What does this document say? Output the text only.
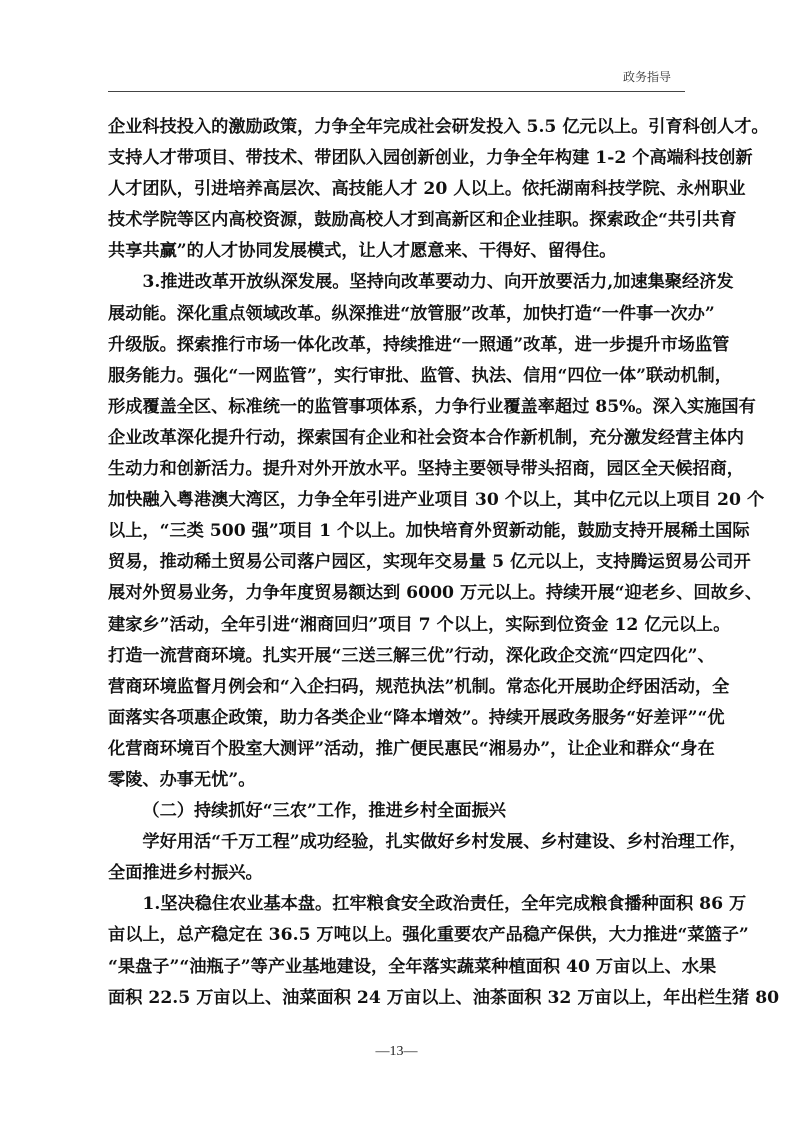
政务指导
企业科技投入的激励政策，力争全年完成社会研发投入 5.5 亿元以上。引育科创人才。
支持人才带项目、带技术、带团队入园创新创业，力争全年构建 1-2 个高端科技创新
人才团队，引进培养高层次、高技能人才 20 人以上。依托湖南科技学院、永州职业
技术学院等区内高校资源，鼓励高校人才到高新区和企业挂职。探索政企“共引共育
共享共赢”的人才协同发展模式，让人才愿意来、干得好、留得住。
3.推进改革开放纵深发展。坚持向改革要动力、向开放要活力,加速集聚经济发
展动能。深化重点领域改革。纵深推进“放管服”改革，加快打造“一件事一次办”
升级版。探索推行市场一体化改革，持续推进“一照通”改革，进一步提升市场监管
服务能力。强化“一网监管”，实行审批、监管、执法、信用“四位一体”联动机制，
形成覆盖全区、标准统一的监管事项体系，力争行业覆盖率超过 85%。深入实施国有
企业改革深化提升行动，探索国有企业和社会资本合作新机制，充分激发经营主体内
生动力和创新活力。提升对外开放水平。坚持主要领导带头招商，园区全天候招商，
加快融入粤港澳大湾区，力争全年引进产业项目 30 个以上，其中亿元以上项目 20 个
以上，“三类 500 强”项目 1 个以上。加快培育外贸新动能，鼓励支持开展稀土国际
贸易，推动稀土贸易公司落户园区，实现年交易量 5 亿元以上，支持腾运贸易公司开
展对外贸易业务，力争年度贸易额达到 6000 万元以上。持续开展“迎老乡、回故乡、
建家乡”活动，全年引进“湘商回归”项目 7 个以上，实际到位资金 12 亿元以上。
打造一流营商环境。扎实开展“三送三解三优”行动，深化政企交流“四定四化”、
营商环境监督月例会和“入企扫码，规范执法”机制。常态化开展助企纾困活动，全
面落实各项惠企政策，助力各类企业“降本增效”。持续开展政务服务“好差评”“优
化营商环境百个股室大测评”活动，推广便民惠民“湘易办”，让企业和群众“身在
零陵、办事无忧”。
（二）持续抓好“三农”工作，推进乡村全面振兴
学好用活“千万工程”成功经验，扎实做好乡村发展、乡村建设、乡村治理工作，
全面推进乡村振兴。
1.坚决稳住农业基本盘。扛牢粮食安全政治责任，全年完成粮食播种面积 86 万
亩以上，总产稳定在 36.5 万吨以上。强化重要农产品稳产保供，大力推进“菜篮子”
“果盘子”“油瓶子”等产业基地建设，全年落实蔬菜种植面积 40 万亩以上、水果
面积 22.5 万亩以上、油菜面积 24 万亩以上、油茶面积 32 万亩以上，年出栏生猪 80
—13—
